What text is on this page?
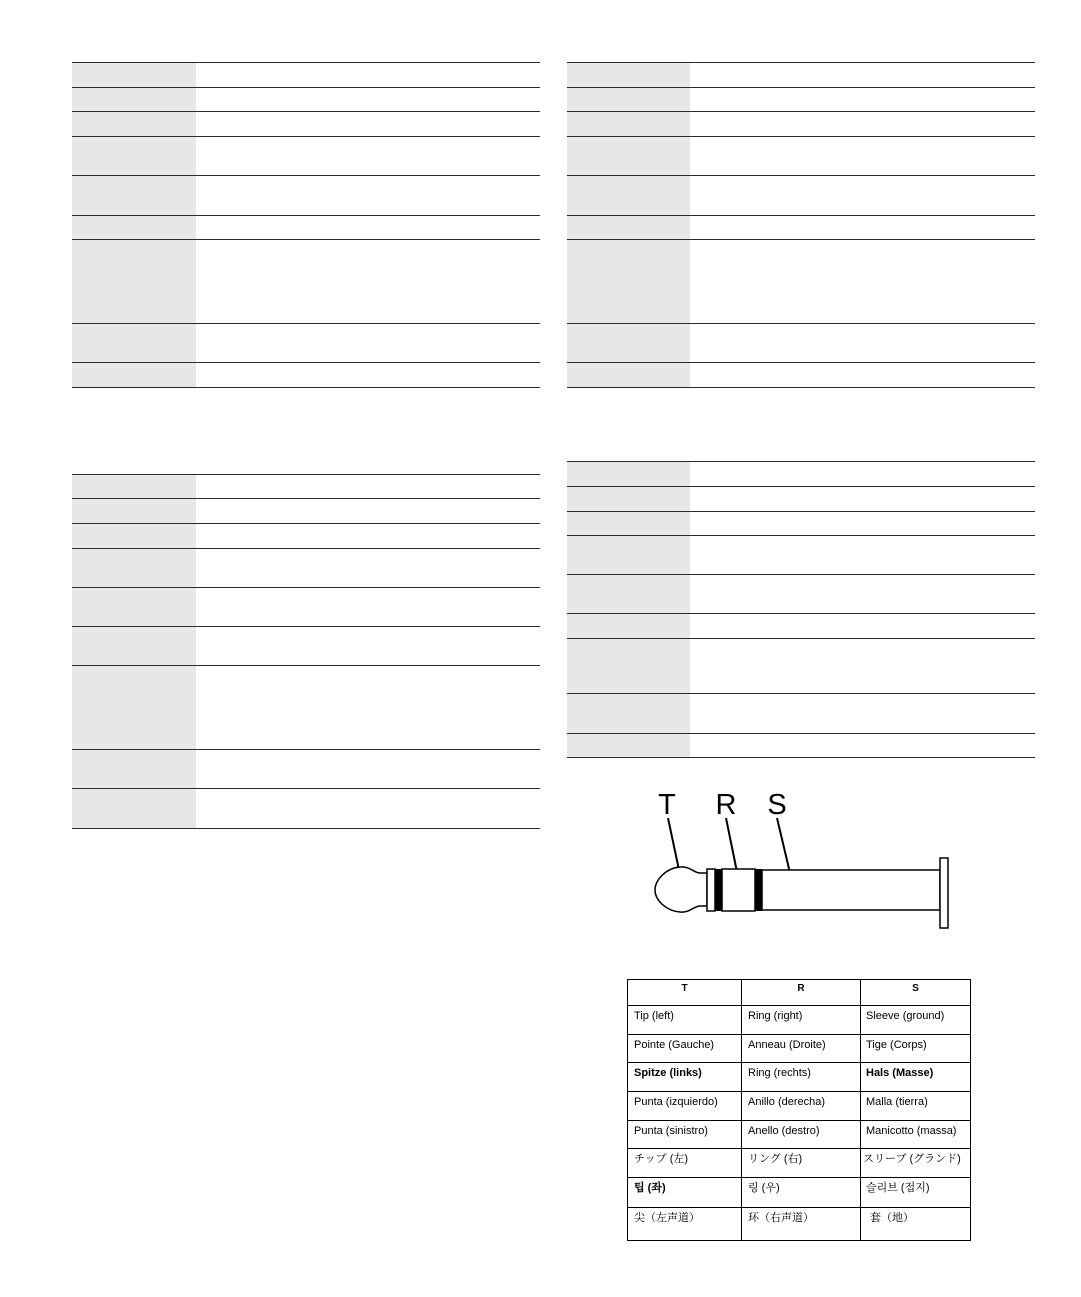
T R S
T	R	S
Tip (left)	Ring (right)	Sleeve (ground)
Pointe (Gauche)	Anneau (Droite)	Tige (Corps)
Spitze (links)	Ring (rechts)	Hals (Masse)
Punta (izquierdo)	Anillo (derecha)	Malla (tierra)
Punta (sinistro)	Anello (destro)	Manicotto (massa)
チップ (左)	リング (右)	スリーブ (グランド)
팁 (좌)	링 (우)	슬리브 (접지)
尖（左声道）	环（右声道）	套（地）
